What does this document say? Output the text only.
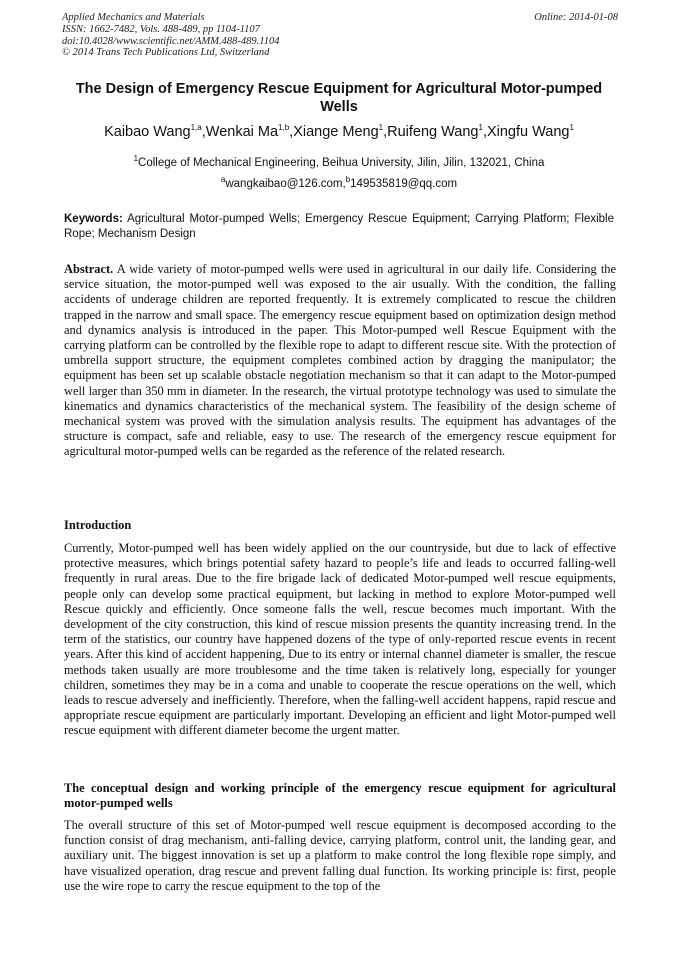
Applied Mechanics and Materials
ISSN: 1662-7482, Vols. 488-489, pp 1104-1107
doi:10.4028/www.scientific.net/AMM.488-489.1104
© 2014 Trans Tech Publications Ltd, Switzerland
Online: 2014-01-08
The Design of Emergency Rescue Equipment for Agricultural Motor-pumped Wells
Kaibao Wang$^{1,a}$,Wenkai Ma$^{1,b}$,Xiange Meng$^1$,Ruifeng Wang$^1$,Xingfu Wang$^1$
$^1$College of Mechanical Engineering, Beihua University, Jilin, Jilin, 132021, China
$^a$wangkaibao@126.com,$^b$149535819@qq.com
Keywords: Agricultural Motor-pumped Wells; Emergency Rescue Equipment; Carrying Platform; Flexible Rope; Mechanism Design
Abstract. A wide variety of motor-pumped wells were used in agricultural in our daily life. Considering the service situation, the motor-pumped well was exposed to the air usually. With the condition, the falling accidents of underage children are reported frequently. It is extremely complicated to rescue the children trapped in the narrow and small space. The emergency rescue equipment based on optimization design method and dynamics analysis is introduced in the paper. This Motor-pumped well Rescue Equipment with the carrying platform can be controlled by the flexible rope to adapt to different rescue site. With the protection of umbrella support structure, the equipment completes combined action by dragging the manipulator; the equipment has been set up scalable obstacle negotiation mechanism so that it can adapt to the Motor-pumped well larger than 350 mm in diameter. In the research, the virtual prototype technology was used to simulate the kinematics and dynamics characteristics of the mechanical system. The feasibility of the design scheme of mechanical system was proved with the simulation analysis results. The equipment has advantages of the structure is compact, safe and reliable, easy to use. The research of the emergency rescue equipment for agricultural motor-pumped wells can be regarded as the reference of the related research.
Introduction

Currently, Motor-pumped well has been widely applied on the our countryside, but due to lack of effective protective measures, which brings potential safety hazard to people’s life and leads to occurred falling-well frequently in rural areas. Due to the fire brigade lack of dedicated Motor-pumped well rescue equipments, people only can develop some practical equipment, but lacking in method to explore Motor-pumped well Rescue quickly and efficiently. Once someone falls the well, rescue becomes much important. With the development of the city construction, this kind of rescue mission presents the quantity increasing trend. In the term of the statistics, our country have happened dozens of the type of only-reported rescue events in recent years. After this kind of accident happening, Due to its entry or internal channel diameter is smaller, the rescue methods taken usually are more troublesome and the time taken is relatively long, especially for younger children, sometimes they may be in a coma and unable to cooperate the rescue operations on the well, which leads to rescue adversely and inefficiently. Therefore, when the falling-well accident happens, rapid rescue and appropriate rescue equipment are particularly important. Developing an efficient and light Motor-pumped well rescue equipment with different diameter become the urgent matter.

The conceptual design and working principle of the emergency rescue equipment for agricultural motor-pumped wells

The overall structure of this set of Motor-pumped well rescue equipment is decomposed according to the function consist of drag mechanism, anti-falling device, carrying platform, control unit, the landing gear, and auxiliary unit. The biggest innovation is set up a platform to make control the long flexible rope simply, and have visualized operation, drag rescue and prevent falling dual function. Its working principle is: first, people use the wire rope to carry the rescue equipment to the top of the
